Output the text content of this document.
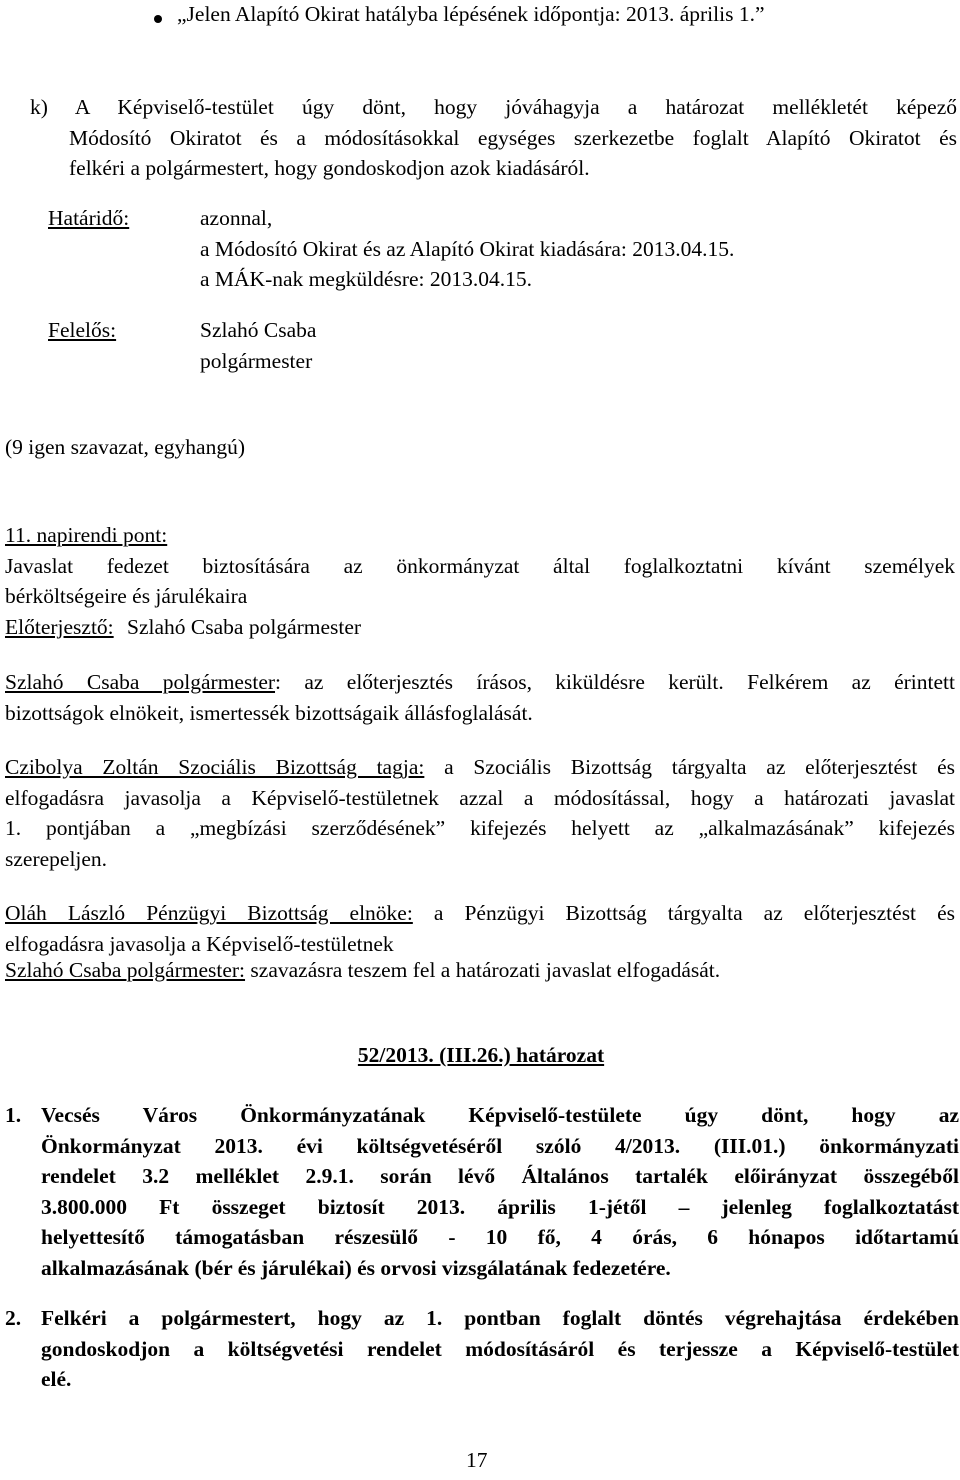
„Jelen Alapító Okirat hatályba lépésének időpontja: 2013. április 1.”
k) A Képviselő-testület úgy dönt, hogy jóváhagyja a határozat mellékletét képező
Módosító Okiratot és a módosításokkal egységes szerkezetbe foglalt Alapító Okiratot és
felkéri a polgármestert, hogy gondoskodjon azok kiadásáról.
Határidő:	azonnal,
a Módosító Okirat és az Alapító Okirat kiadására: 2013.04.15.
a MÁK-nak megküldésre: 2013.04.15.
Felelős:	Szlahó Csaba
polgármester
(9 igen szavazat, egyhangú)
11. napirendi pont:
Javaslat fedezet biztosítására az önkormányzat által foglalkoztatni kívánt személyek
bérköltségeire és járulékaira
Előterjesztő: Szlahó Csaba polgármester
Szlahó Csaba polgármester: az előterjesztés írásos, kiküldésre került. Felkérem az érintett
bizottságok elnökeit, ismertessék bizottságaik állásfoglalását.
Czibolya Zoltán Szociális Bizottság tagja: a Szociális Bizottság tárgyalta az előterjesztést és
elfogadásra javasolja a Képviselő-testületnek azzal a módosítással, hogy a határozati javaslat
1. pontjában a „megbízási szerződésének” kifejezés helyett az „alkalmazásának” kifejezés
szerepeljen.
Oláh László Pénzügyi Bizottság elnöke: a Pénzügyi Bizottság tárgyalta az előterjesztést és
elfogadásra javasolja a Képviselő-testületnek
Szlahó Csaba polgármester: szavazásra teszem fel a határozati javaslat elfogadását.
52/2013. (III.26.) határozat
1. Vecsés Város Önkormányzatának Képviselő-testülete úgy dönt, hogy az
Önkormányzat 2013. évi költségvetéséről szóló 4/2013. (III.01.) önkormányzati
rendelet 3.2 melléklet 2.9.1. során lévő Általános tartalék előirányzat összegéből
3.800.000 Ft összeget biztosít 2013. április 1-jétől – jelenleg foglalkoztatást
helyettesítő támogatásban részesülő - 10 fő, 4 órás, 6 hónapos időtartamú
alkalmazásának (bér és járulékai) és orvosi vizsgálatának fedezetére.
2. Felkéri a polgármestert, hogy az 1. pontban foglalt döntés végrehajtása érdekében
gondoskodjon a költségvetési rendelet módosításáról és terjessze a Képviselő-testület
elé.
17
